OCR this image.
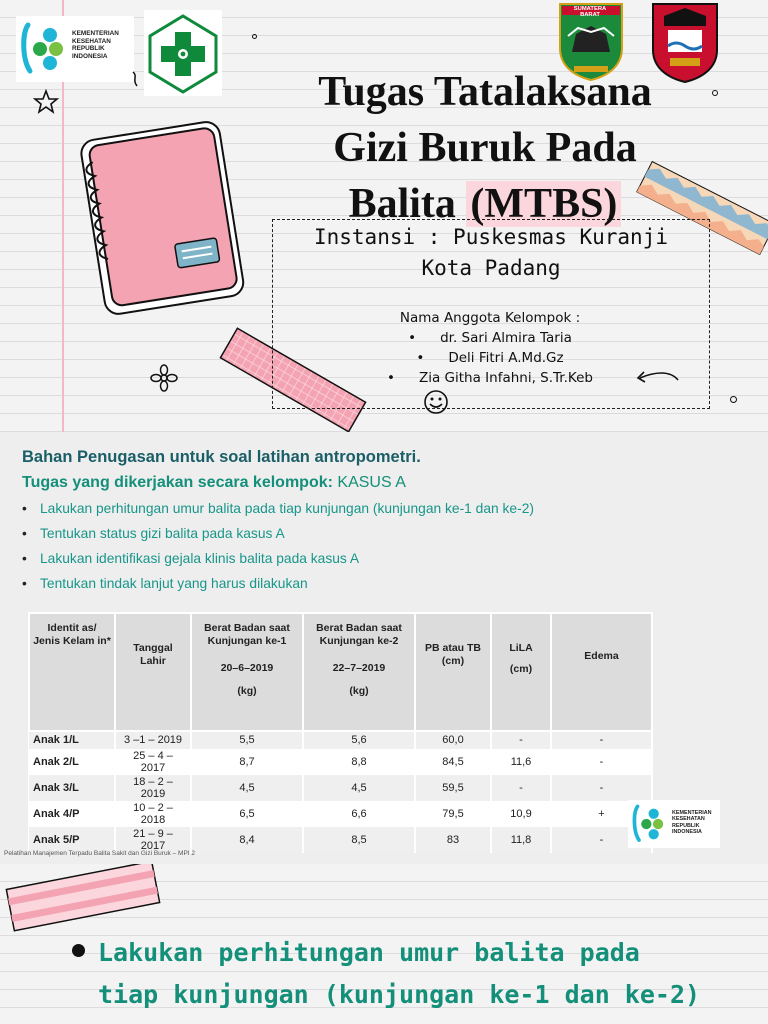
KEMENTERIAN
KESEHATAN
REPUBLIK
INDONESIA
SUMATERA BARAT
Tugas Tatalaksana
Gizi Buruk Pada
Balita (MTBS)
Instansi : Puskesmas Kuranji
Kota Padang
Nama Anggota Kelompok :
• dr. Sari Almira Taria
• Deli Fitri A.Md.Gz
• Zia Githa Infahni, S.Tr.Keb
Bahan Penugasan untuk soal latihan antropometri.
Tugas yang dikerjakan secara kelompok: KASUS A
• Lakukan perhitungan umur balita pada tiap kunjungan (kunjungan ke-1 dan ke-2)
• Tentukan status gizi balita pada kasus A
• Lakukan identifikasi gejala klinis balita pada kasus A
• Tentukan tindak lanjut yang harus dilakukan
Identit as/ Jenis Kelam in*	Tanggal Lahir	Berat Badan saat Kunjungan ke-1
20–6–2019
(kg)	Berat Badan saat Kunjungan ke-2
22–7–2019
(kg)	PB atau TB (cm)	LiLA
(cm)	Edema
Anak 1/L	3 –1 – 2019	5,5	5,6	60,0	-	-
Anak 2/L	25 – 4 – 2017	8,7	8,8	84,5	11,6	-
Anak 3/L	18 – 2 – 2019	4,5	4,5	59,5	-	-
Anak 4/P	10 – 2 – 2018	6,5	6,6	79,5	10,9	+
Anak 5/P	21 – 9 – 2017	8,4	8,5	83	11,8	-
KEMENTERIAN
KESEHATAN
REPUBLIK
INDONESIA
Pelatihan Manajemen Terpadu Balita Sakit dan Gizi Buruk – MPI 2
Lakukan perhitungan umur balita pada
tiap kunjungan (kunjungan ke-1 dan ke-2)
